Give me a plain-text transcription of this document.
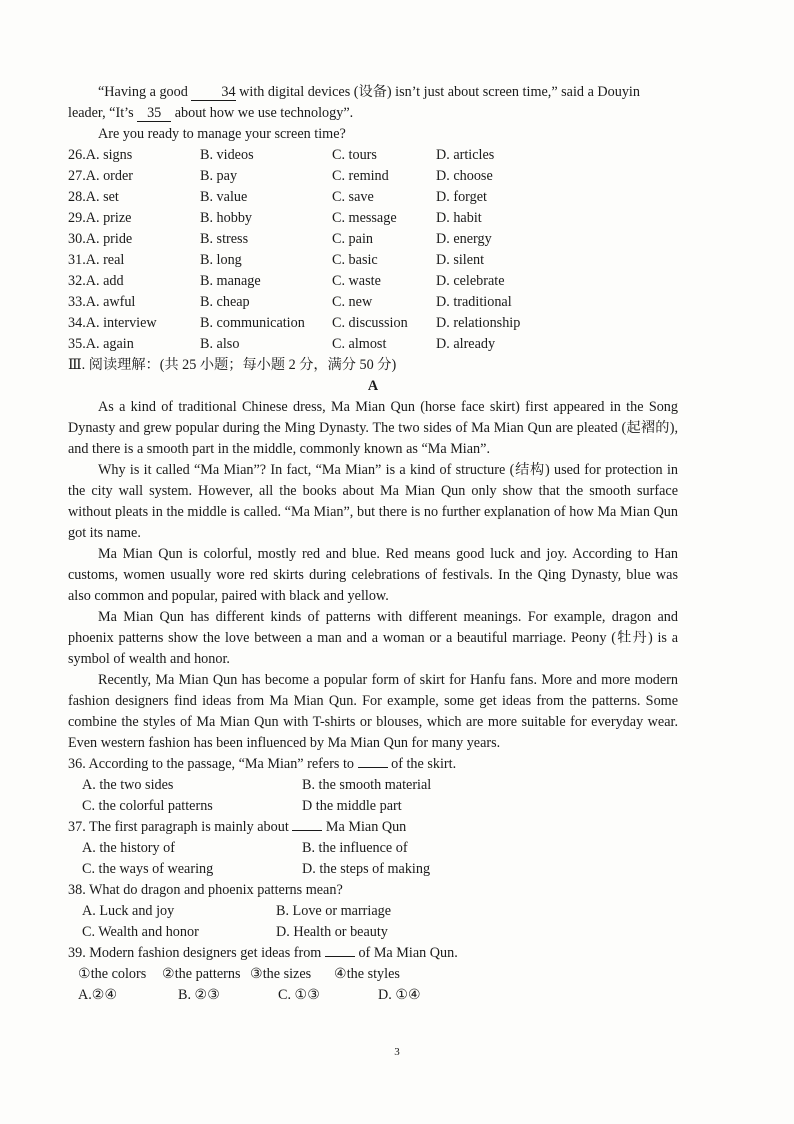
“Having a good 34 with digital devices (设备) isn’t just about screen time,” said a Douyin

leader, “It’s 35 about how we use technology”.

Are you ready to manage your screen time?

26.A. signs	B. videos	C. tours	D. articles
27.A. order	B. pay	C. remind	D. choose
28.A. set	B. value	C. save	D. forget
29.A. prize	B. hobby	C. message	D. habit
30.A. pride	B. stress	C. pain	D. energy
31.A. real	B. long	C. basic	D. silent
32.A. add	B. manage	C. waste	D. celebrate
33.A. awful	B. cheap	C. new	D. traditional
34.A. interview	B. communication	C. discussion	D. relationship
35.A. again	B. also	C. almost	D. already

Ⅲ. 阅读理解：(共 25 小题；每小题 2 分，满分 50 分)

A

As a kind of traditional Chinese dress, Ma Mian Qun (horse face skirt) first appeared in the Song Dynasty and grew popular during the Ming Dynasty. The two sides of Ma Mian Qun are pleated (起褶的), and there is a smooth part in the middle, commonly known as “Ma Mian”.

Why is it called “Ma Mian”? In fact, “Ma Mian” is a kind of structure (结构) used for protection in the city wall system. However, all the books about Ma Mian Qun only show that the smooth surface without pleats in the middle is called. “Ma Mian”, but there is no further explanation of how Ma Mian Qun got its name.

Ma Mian Qun is colorful, mostly red and blue. Red means good luck and joy. According to Han customs, women usually wore red skirts during celebrations of festivals. In the Qing Dynasty, blue was also common and popular, paired with black and yellow.

Ma Mian Qun has different kinds of patterns with different meanings. For example, dragon and phoenix patterns show the love between a man and a woman or a beautiful marriage. Peony (牡丹) is a symbol of wealth and honor.

Recently, Ma Mian Qun has become a popular form of skirt for Hanfu fans. More and more modern fashion designers find ideas from Ma Mian Qun. For example, some get ideas from the patterns. Some combine the styles of Ma Mian Qun with T-shirts or blouses, which are more suitable for everyday wear. Even western fashion has been influenced by Ma Mian Qun for many years.

36. According to the passage, “Ma Mian” refers to  of the skirt.

A. the two sides	B. the smooth material
C. the colorful patterns	D the middle part

37. The first paragraph is mainly about  Ma Mian Qun

A. the history of	B. the influence of
C. the ways of wearing	D. the steps of making

38. What do dragon and phoenix patterns mean?

A. Luck and joy	B. Love or marriage
C. Wealth and honor	D. Health or beauty

39. Modern fashion designers get ideas from  of Ma Mian Qun.

①the colors	②the patterns ③the sizes	④the styles
A.②④	B. ②③	C. ①③	D. ①④
3
